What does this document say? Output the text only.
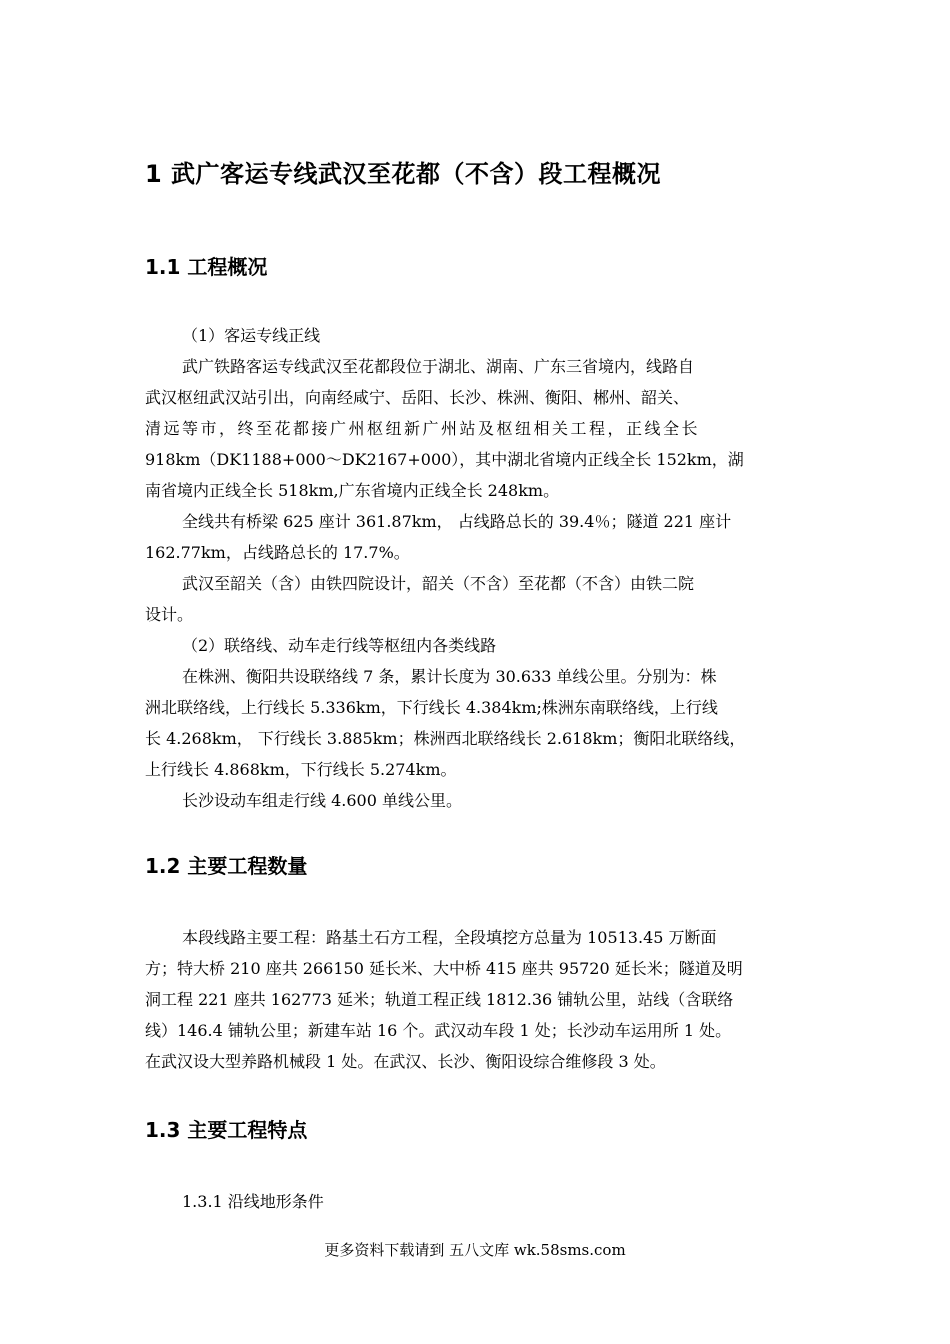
1 武广客运专线武汉至花都（不含）段工程概况
1.1 工程概况
（1）客运专线正线
武广铁路客运专线武汉至花都段位于湖北、湖南、广东三省境内，线路自
武汉枢纽武汉站引出，向南经咸宁、岳阳、长沙、株洲、衡阳、郴州、韶关、
清远等市，终至花都接广州枢纽新广州站及枢纽相关工程，正线全长
918km（DK1188+000～DK2167+000），其中湖北省境内正线全长 152km，湖
南省境内正线全长 518km,广东省境内正线全长 248km。
全线共有桥梁 625 座计 361.87km， 占线路总长的 39.4％；隧道 221 座计
162.77km，占线路总长的 17.7%。
武汉至韶关（含）由铁四院设计，韶关（不含）至花都（不含）由铁二院
设计。
（2）联络线、动车走行线等枢纽内各类线路
在株洲、衡阳共设联络线 7 条，累计长度为 30.633 单线公里。分别为：株
洲北联络线，上行线长 5.336km，下行线长 4.384km;株洲东南联络线，上行线
长 4.268km， 下行线长 3.885km；株洲西北联络线长 2.618km；衡阳北联络线，
上行线长 4.868km，下行线长 5.274km。
长沙设动车组走行线 4.600 单线公里。
1.2 主要工程数量
本段线路主要工程：路基土石方工程，全段填挖方总量为 10513.45 万断面
方；特大桥 210 座共 266150 延长米、大中桥 415 座共 95720 延长米；隧道及明
洞工程 221 座共 162773 延米；轨道工程正线 1812.36 铺轨公里，站线（含联络
线）146.4 铺轨公里；新建车站 16 个。武汉动车段 1 处；长沙动车运用所 1 处。
在武汉设大型养路机械段 1 处。在武汉、长沙、衡阳设综合维修段 3 处。
1.3 主要工程特点
1.3.1 沿线地形条件
更多资料下载请到 五八文库 wk.58sms.com
